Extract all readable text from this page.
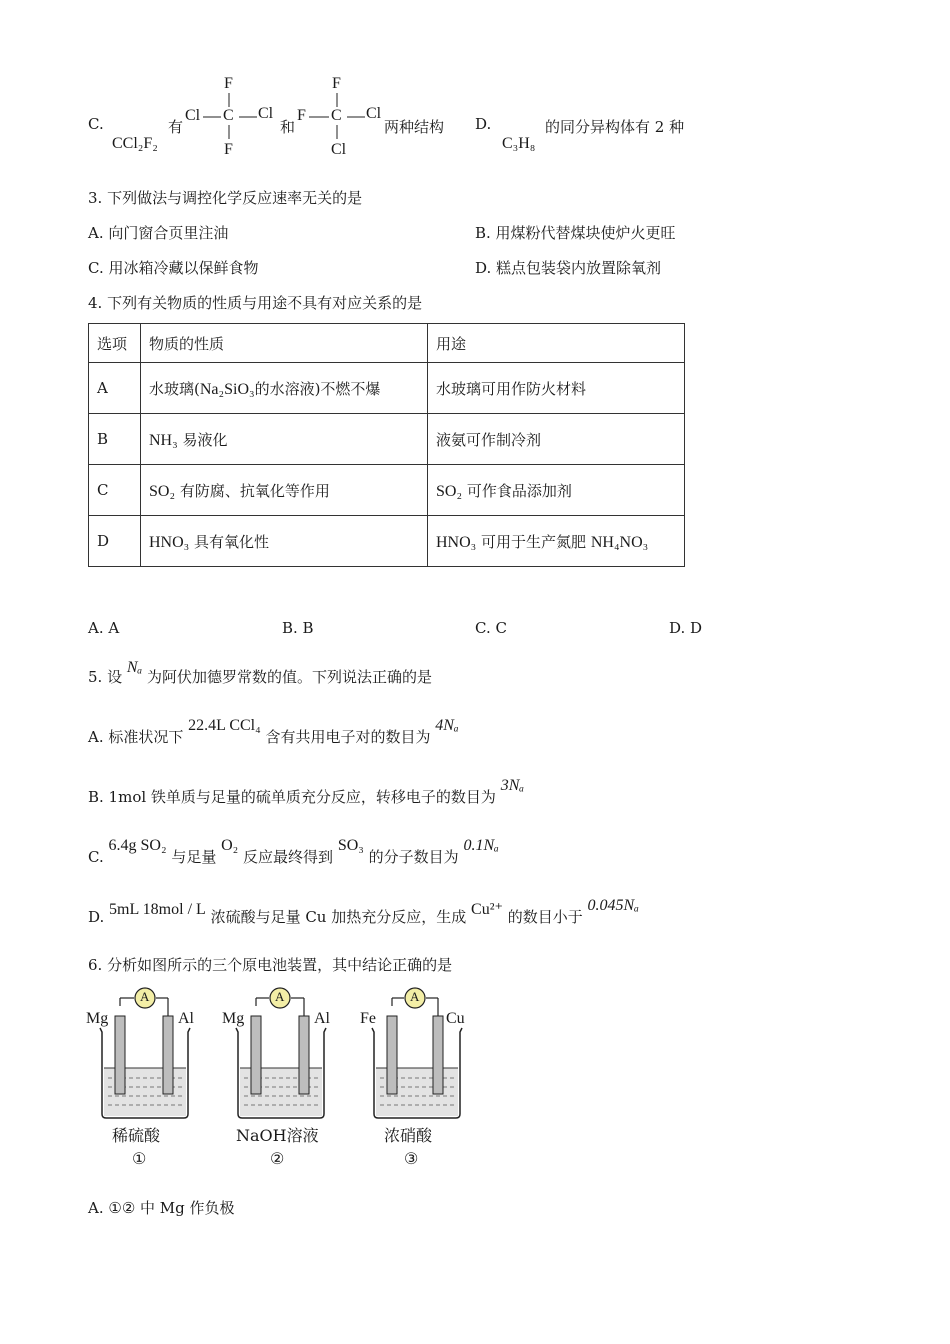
C.
CCl₂F₂
有
F
C
Cl	Cl
F
和
F
C
F	Cl
Cl
两种结构 D.
C₃H₈
的同分异构体有 2 种
3. 下列做法与调控化学反应速率无关的是
A. 向门窗合页里注油	B. 用煤粉代替煤块使炉火更旺
C. 用冰箱冷藏以保鲜食物	D. 糕点包装袋内放置除氧剂
4. 下列有关物质的性质与用途不具有对应关系的是
选项	物质的性质	用途
A	水玻璃(Na₂SiO₃的水溶液)不燃不爆	水玻璃可用作防火材料
B	NH₃ 易液化	液氨可作制冷剂
C	SO₂ 有防腐、抗氧化等作用	SO₂ 可作食品添加剂
D	HNO₃ 具有氧化性	HNO₃ 可用于生产氮肥 NH₄NO₃
A. A	B. B	C. C	D. D
5. 设 Nₐ 为阿伏加德罗常数的值。下列说法正确的是
A. 标准状况下 22.4L CCl₄ 含有共用电子对的数目为 4Nₐ
B. 1mol 铁单质与足量的硫单质充分反应，转移电子的数目为 3Nₐ
C. 6.4g SO₂ 与足量 O₂ 反应最终得到 SO₃ 的分子数目为 0.1Nₐ
D. 5mL 18mol / L 浓硫酸与足量 Cu 加热充分反应，生成 Cu²⁺ 的数目小于 0.045Nₐ
6. 分析如图所示的三个原电池装置，其中结论正确的是
A
Mg	Al
稀硫酸
①
A
Mg	Al
NaOH溶液
②
A
Fe	Cu
浓硝酸
③
A. ①② 中 Mg 作负极
